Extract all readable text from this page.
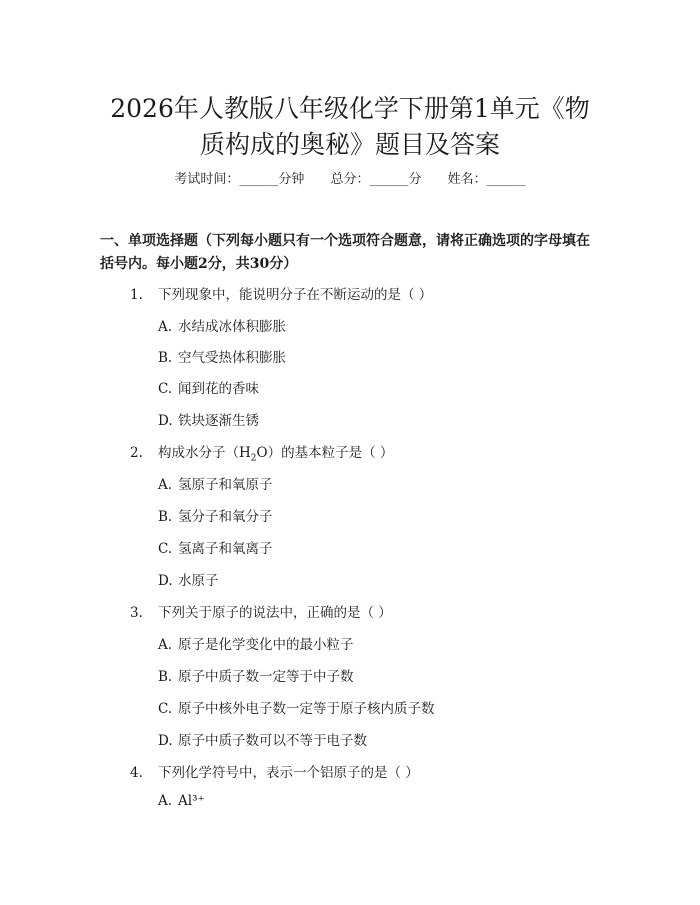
2026年人教版八年级化学下册第1单元《物
质构成的奥秘》题目及答案
考试时间：______分钟 总分：______分 姓名：______
一、单项选择题（下列每小题只有一个选项符合题意，请将正确选项的字母填在
括号内。每小题2分，共30分）
1. 下列现象中，能说明分子在不断运动的是（ ）
A. 水结成冰体积膨胀
B. 空气受热体积膨胀
C. 闻到花的香味
D. 铁块逐渐生锈
2. 构成水分子$(H_2O)$的基本粒子是（ ）
A. 氢原子和氧原子
B. 氢分子和氧分子
C. 氢离子和氧离子
D. 水原子
3. 下列关于原子的说法中，正确的是（ ）
A. 原子是化学变化中的最小粒子
B. 原子中质子数一定等于中子数
C. 原子中核外电子数一定等于原子核内质子数
D. 原子中质子数可以不等于电子数
4. 下列化学符号中，表示一个铝原子的是（ ）
A. Al³⁺
